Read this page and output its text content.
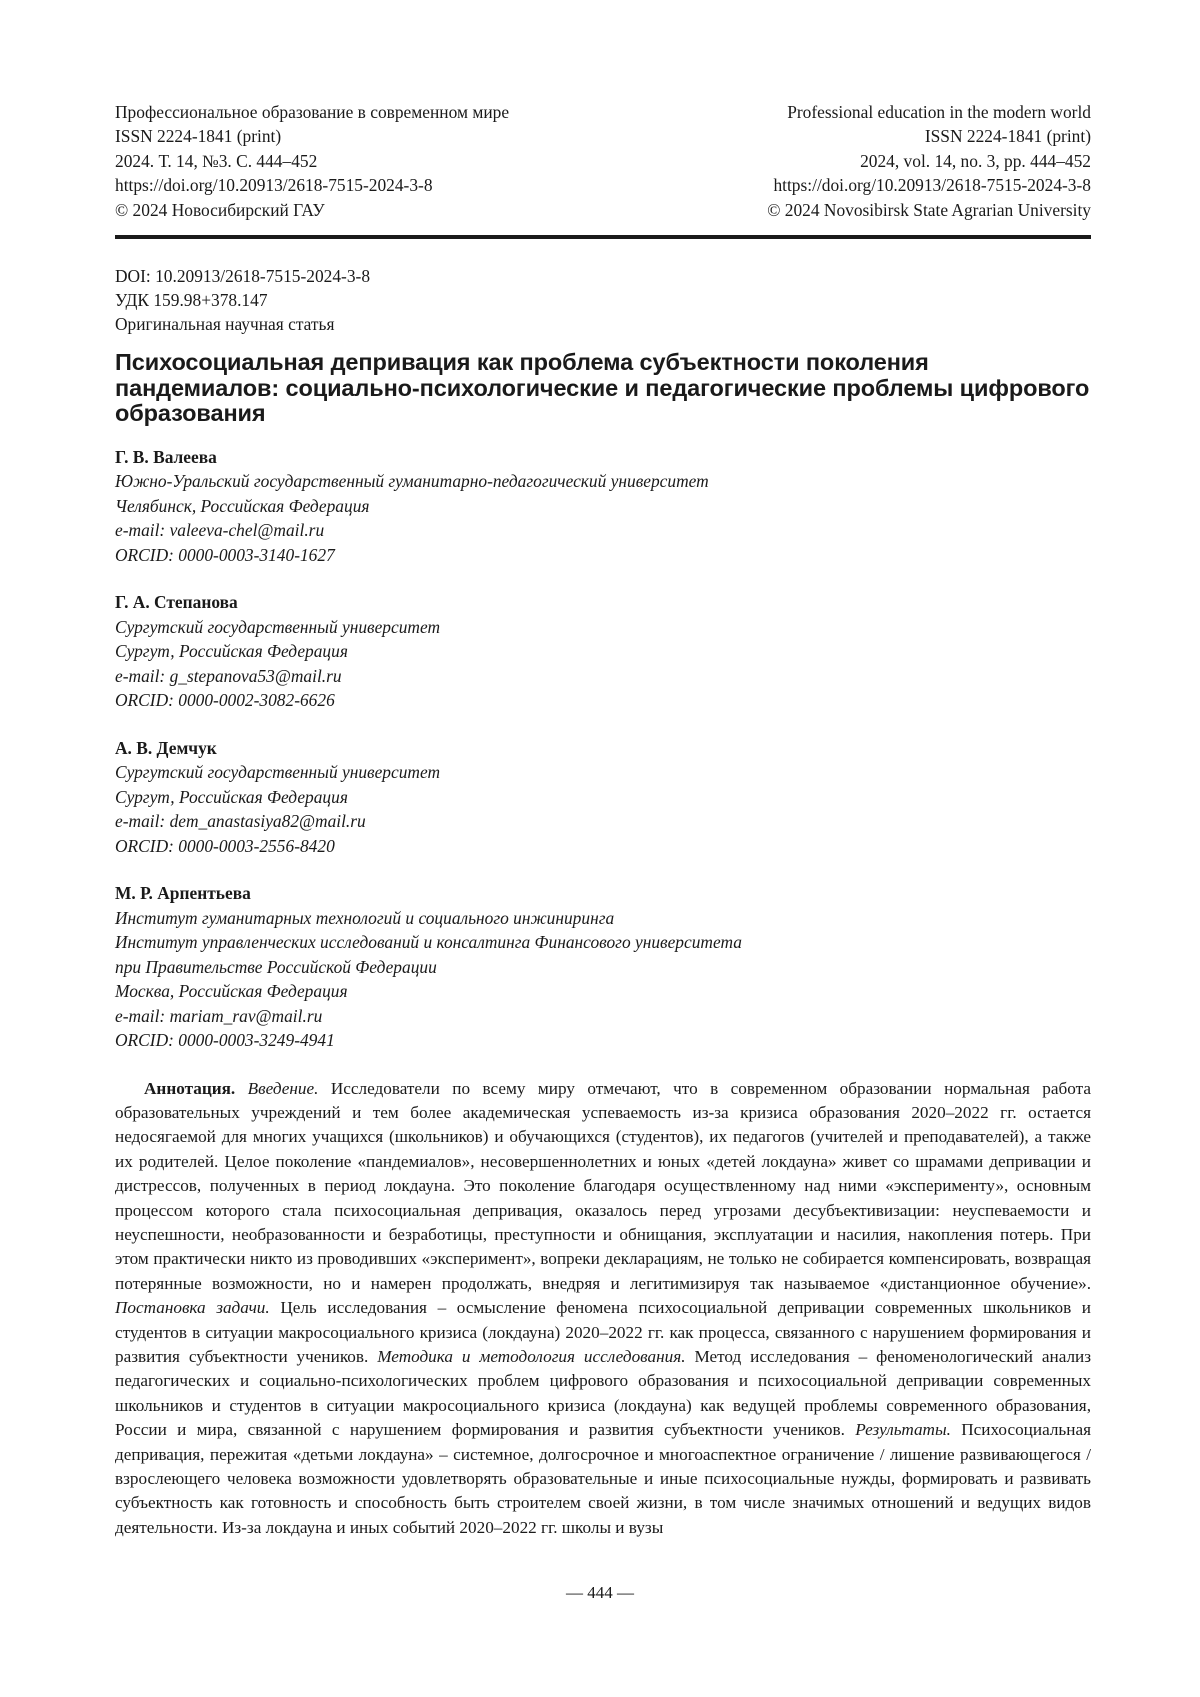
Профессиональное образование в современном мире
ISSN 2224-1841 (print)
2024. Т. 14, №3. С. 444–452
https://doi.org/10.20913/2618-7515-2024-3-8
© 2024 Новосибирский ГАУ
Professional education in the modern world
ISSN 2224-1841 (print)
2024, vol. 14, no. 3, pp. 444–452
https://doi.org/10.20913/2618-7515-2024-3-8
© 2024 Novosibirsk State Agrarian University
DOI: 10.20913/2618-7515-2024-3-8
УДК 159.98+378.147
Оригинальная научная статья
Психосоциальная депривация как проблема субъектности поколения пандемиалов: социально-психологические и педагогические проблемы цифрового образования
Г. В. Валеева
Южно-Уральский государственный гуманитарно-педагогический университет
Челябинск, Российская Федерация
e-mail: valeeva-chel@mail.ru
ORCID: 0000-0003-3140-1627
Г. А. Степанова
Сургутский государственный университет
Сургут, Российская Федерация
e-mail: g_stepanova53@mail.ru
ORCID: 0000-0002-3082-6626
А. В. Демчук
Сургутский государственный университет
Сургут, Российская Федерация
e-mail: dem_anastasiya82@mail.ru
ORCID: 0000-0003-2556-8420
М. Р. Арпентьева
Институт гуманитарных технологий и социального инжиниринга
Институт управленческих исследований и консалтинга Финансового университета
при Правительстве Российской Федерации
Москва, Российская Федерация
e-mail: mariam_rav@mail.ru
ORCID: 0000-0003-3249-4941

Аннотация. Введение. Исследователи по всему миру отмечают, что в современном образовании нормальная работа образовательных учреждений и тем более академическая успеваемость из-за кризиса образования 2020–2022 гг. остается недосягаемой для многих учащихся (школьников) и обучающихся (студентов), их педагогов (учителей и преподавателей), а также их родителей. Целое поколение «пандемиалов», несовершеннолетних и юных «детей локдауна» живет со шрамами депривации и дистрессов, полученных в период локдауна. Это поколение благодаря осуществленному над ними «эксперименту», основным процессом которого стала психосоциальная депривация, оказалось перед угрозами десубъективизации: неуспеваемости и неуспешности, необразованности и безработицы, преступности и обнищания, эксплуатации и насилия, накопления потерь. При этом практически никто из проводивших «эксперимент», вопреки декларациям, не только не собирается компенсировать, возвращая потерянные возможности, но и намерен продолжать, внедряя и легитимизируя так называемое «дистанционное обучение». Постановка задачи. Цель исследования – осмысление феномена психосоциальной депривации современных школьников и студентов в ситуации макросоциального кризиса (локдауна) 2020–2022 гг. как процесса, связанного с нарушением формирования и развития субъектности учеников. Методика и методология исследования. Метод исследования – феноменологический анализ педагогических и социально-психологических проблем цифрового образования и психосоциальной депривации современных школьников и студентов в ситуации макросоциального кризиса (локдауна) как ведущей проблемы современного образования, России и мира, связанной с нарушением формирования и развития субъектности учеников. Результаты. Психосоциальная депривация, пережитая «детьми локдауна» – системное, долгосрочное и многоаспектное ограничение / лишение развивающегося / взрослеющего человека возможности удовлетворять образовательные и иные психосоциальные нужды, формировать и развивать субъектность как готовность и способность быть строителем своей жизни, в том числе значимых отношений и ведущих видов деятельности. Из-за локдауна и иных событий 2020–2022 гг. школы и вузы

— 444 —
